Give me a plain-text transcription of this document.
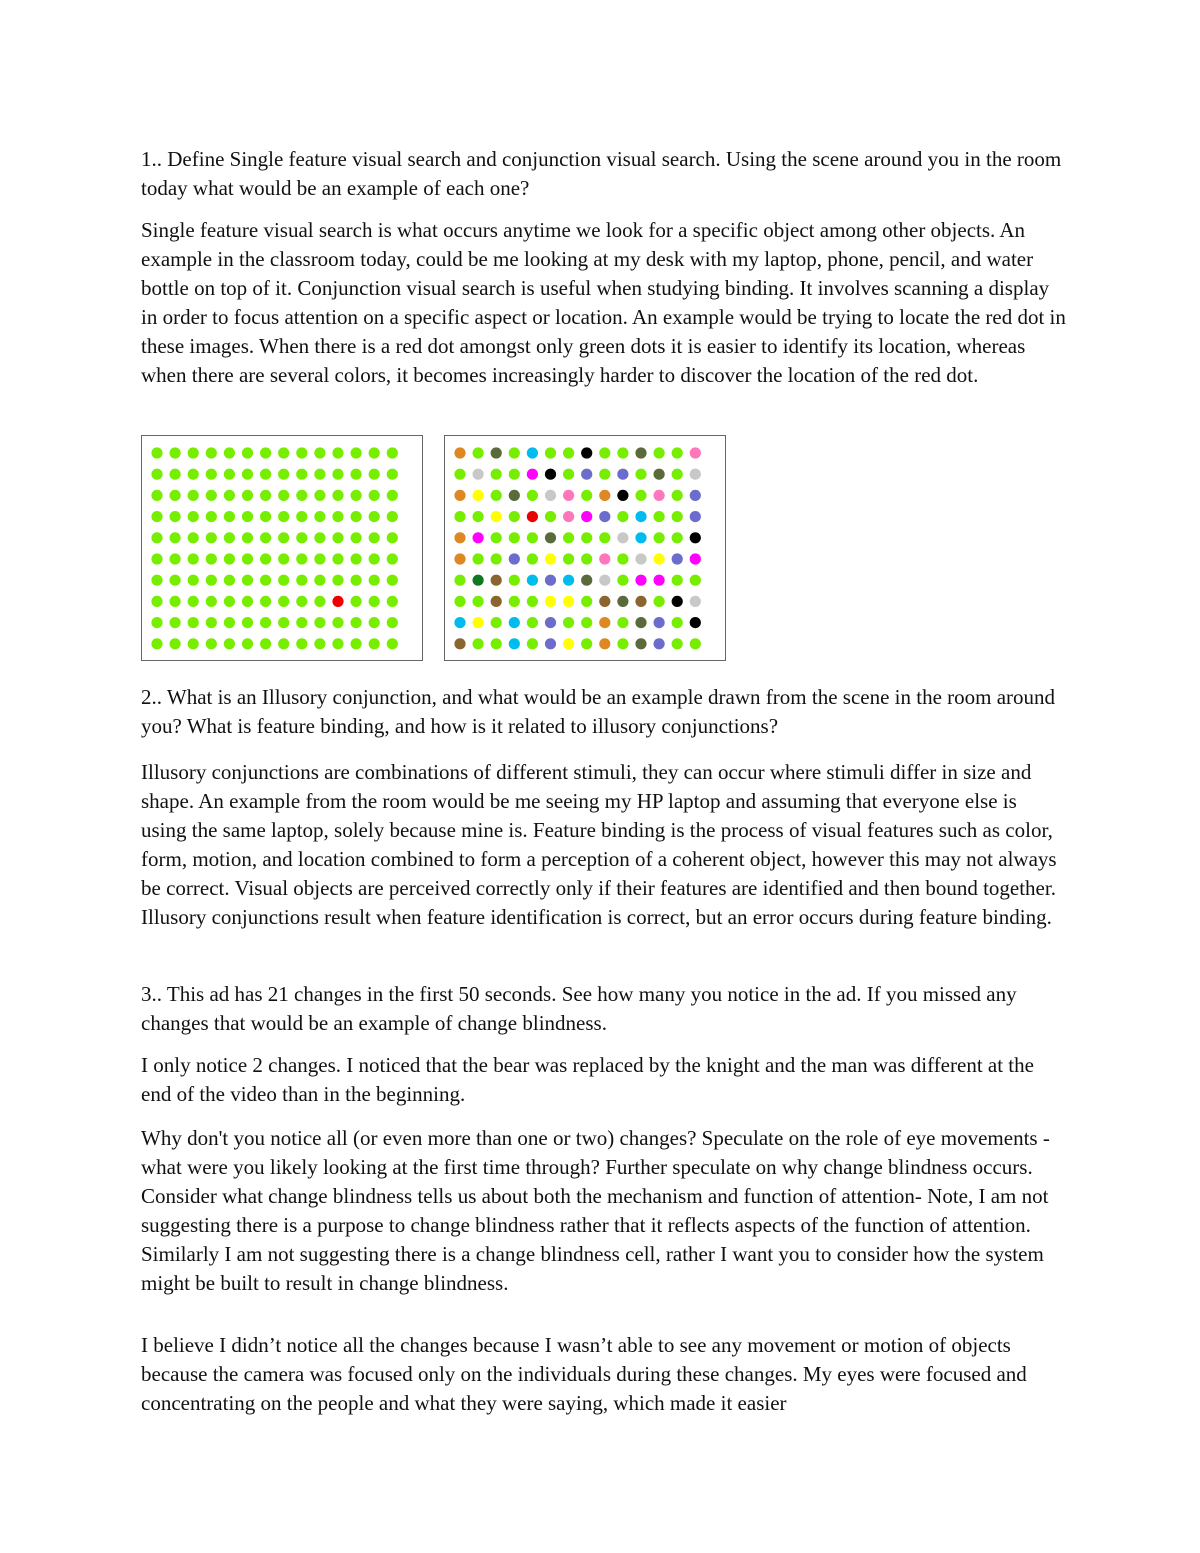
1.. Define Single feature visual search and conjunction visual search. Using the scene around you in the room today what would be an example of each one?

Single feature visual search is what occurs anytime we look for a specific object among other objects. An example in the classroom today, could be me looking at my desk with my laptop, phone, pencil, and water bottle on top of it. Conjunction visual search is useful when studying binding. It involves scanning a display in order to focus attention on a specific aspect or location. An example would be trying to locate the red dot in these images. When there is a red dot amongst only green dots it is easier to identify its location, whereas when there are several colors, it becomes increasingly harder to discover the location of the red dot.

2.. What is an Illusory conjunction, and what would be an example drawn from the scene in the room around you? What is feature binding, and how is it related to illusory conjunctions?

Illusory conjunctions are combinations of different stimuli, they can occur where stimuli differ in size and shape. An example from the room would be me seeing my HP laptop and assuming that everyone else is using the same laptop, solely because mine is. Feature binding is the process of visual features such as color, form, motion, and location combined to form a perception of a coherent object, however this may not always be correct. Visual objects are perceived correctly only if their features are identified and then bound together. Illusory conjunctions result when feature identification is correct, but an error occurs during feature binding.

3.. This ad has 21 changes in the first 50 seconds. See how many you notice in the ad. If you missed any changes that would be an example of change blindness.

I only notice 2 changes. I noticed that the bear was replaced by the knight and the man was different at the end of the video than in the beginning.

Why don't you notice all (or even more than one or two) changes? Speculate on the role of eye movements - what were you likely looking at the first time through? Further speculate on why change blindness occurs. Consider what change blindness tells us about both the mechanism and function of attention- Note, I am not suggesting there is a purpose to change blindness rather that it reflects aspects of the function of attention. Similarly I am not suggesting there is a change blindness cell, rather I want you to consider how the system might be built to result in change blindness.

I believe I didn’t notice all the changes because I wasn’t able to see any movement or motion of objects because the camera was focused only on the individuals during these changes. My eyes were focused and concentrating on the people and what they were saying, which made it easier
